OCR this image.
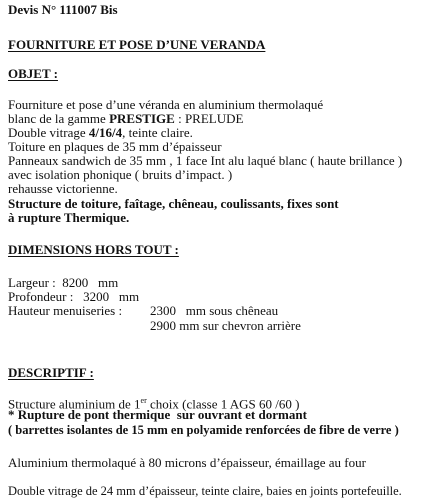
Devis N° 111007 Bis
FOURNITURE ET POSE D’UNE VERANDA
OBJET :
Fourniture et pose d’une véranda en aluminium thermolaqué
blanc de la gamme PRESTIGE : PRELUDE
Double vitrage 4/16/4, teinte claire.
Toiture en plaques de 35 mm d’épaisseur
Panneaux sandwich de 35 mm , 1 face Int alu laqué blanc ( haute brillance )
avec isolation phonique ( bruits d’impact. )
rehausse victorienne.
Structure de toiture, faîtage, chêneau, coulissants, fixes sont
à rupture Thermique.
DIMENSIONS HORS TOUT :
Largeur :  8200   mm
Profondeur :   3200   mm
Hauteur menuiseries : 2300   mm sous chêneau
2900 mm sur chevron arrière
DESCRIPTIF :
Structure aluminium de 1er choix (classe 1 AGS 60 /60 )
* Rupture de pont thermique  sur ouvrant et dormant
( barrettes isolantes de 15 mm en polyamide renforcées de fibre de verre )
Aluminium thermolaqué à 80 microns d’épaisseur, émaillage au four
Double vitrage de 24 mm d’épaisseur, teinte claire, baies en joints portefeuille.
